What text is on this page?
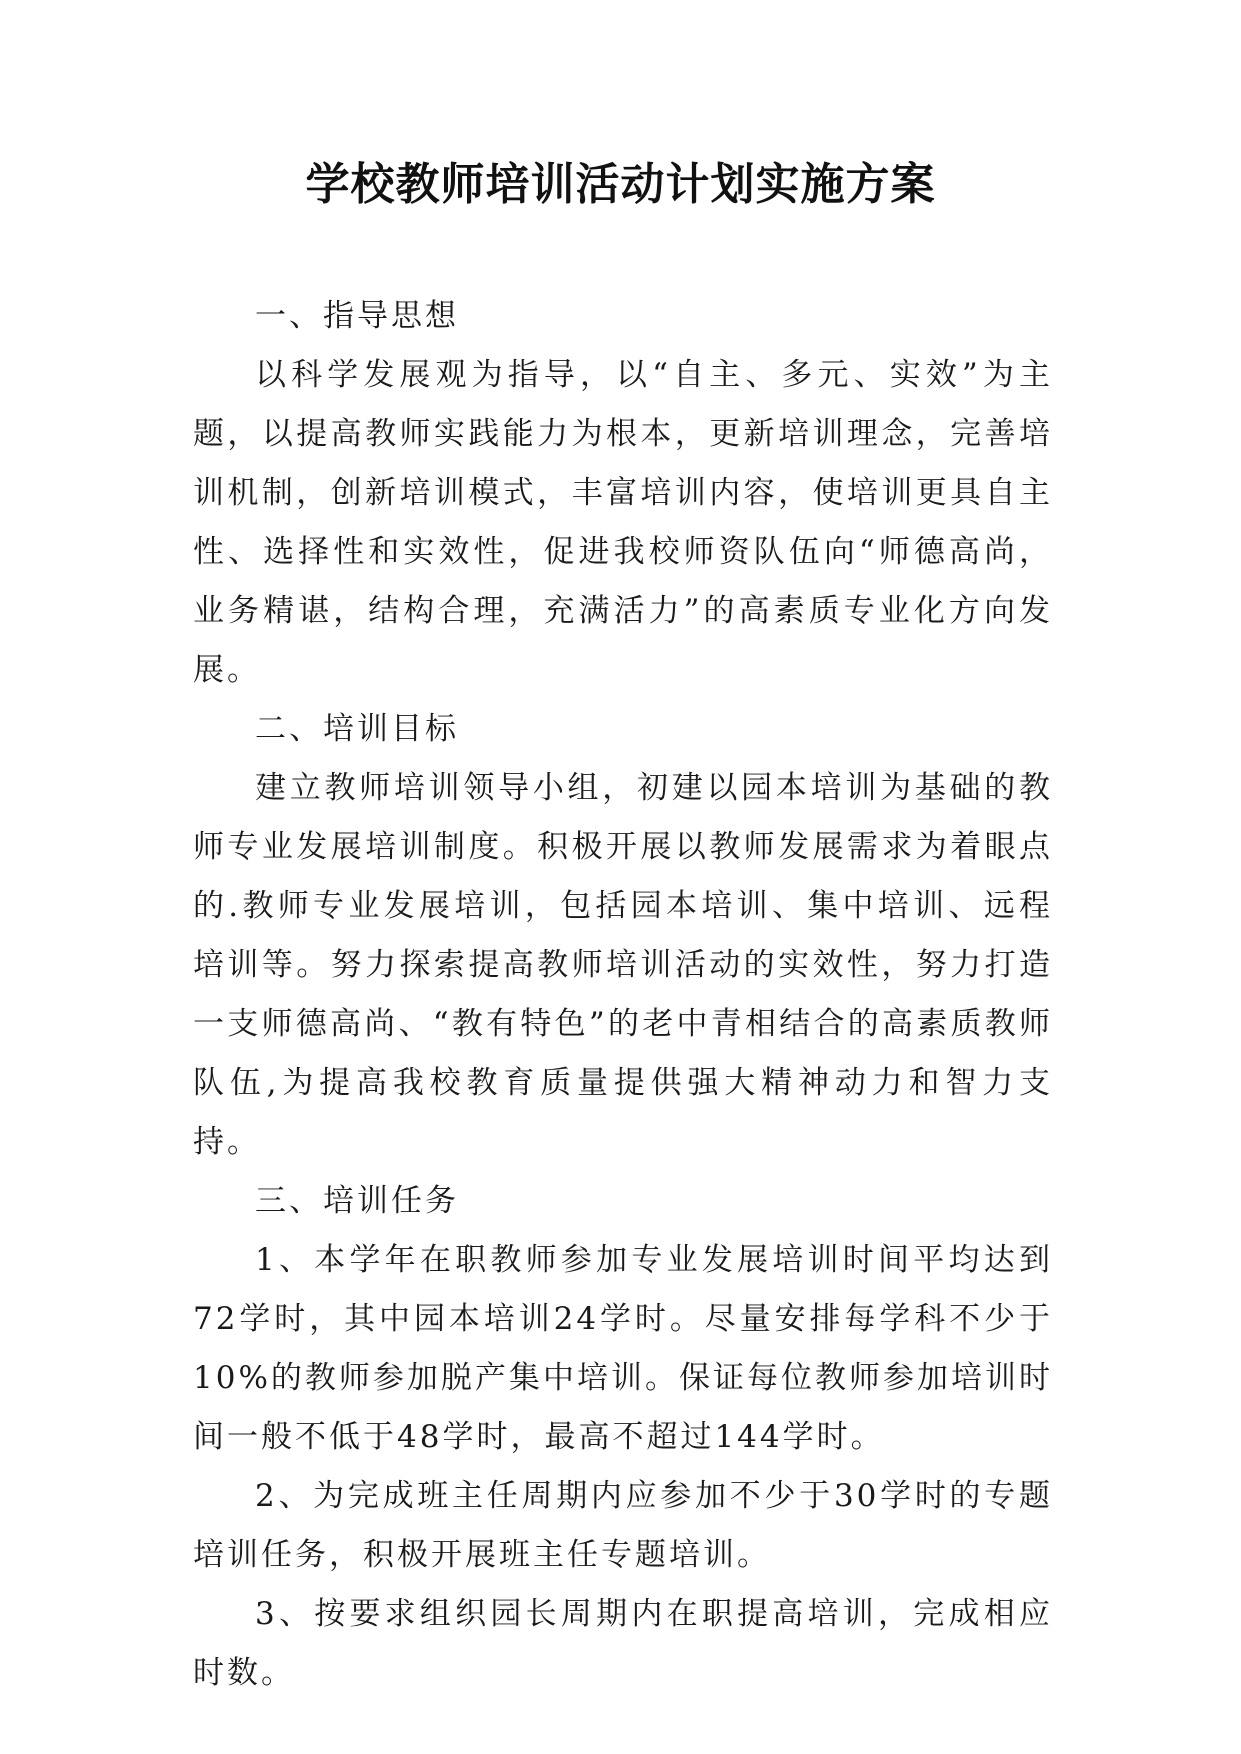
学校教师培训活动计划实施方案

一、指导思想

以科学发展观为指导，以“自主、多元、实效”为主题，以提高教师实践能力为根本，更新培训理念，完善培训机制，创新培训模式，丰富培训内容，使培训更具自主性、选择性和实效性，促进我校师资队伍向“师德高尚，业务精谌，结构合理，充满活力”的高素质专业化方向发展。

二、培训目标

建立教师培训领导小组，初建以园本培训为基础的教师专业发展培训制度。积极开展以教师发展需求为着眼点的.教师专业发展培训，包括园本培训、集中培训、远程培训等。努力探索提高教师培训活动的实效性，努力打造一支师德高尚、“教有特色”的老中青相结合的高素质教师队伍,为提高我校教育质量提供强大精神动力和智力支持。

三、培训任务

1、本学年在职教师参加专业发展培训时间平均达到72学时，其中园本培训24学时。尽量安排每学科不少于10%的教师参加脱产集中培训。保证每位教师参加培训时间一般不低于48学时，最高不超过144学时。

2、为完成班主任周期内应参加不少于30学时的专题培训任务，积极开展班主任专题培训。

3、按要求组织园长周期内在职提高培训，完成相应时数。
